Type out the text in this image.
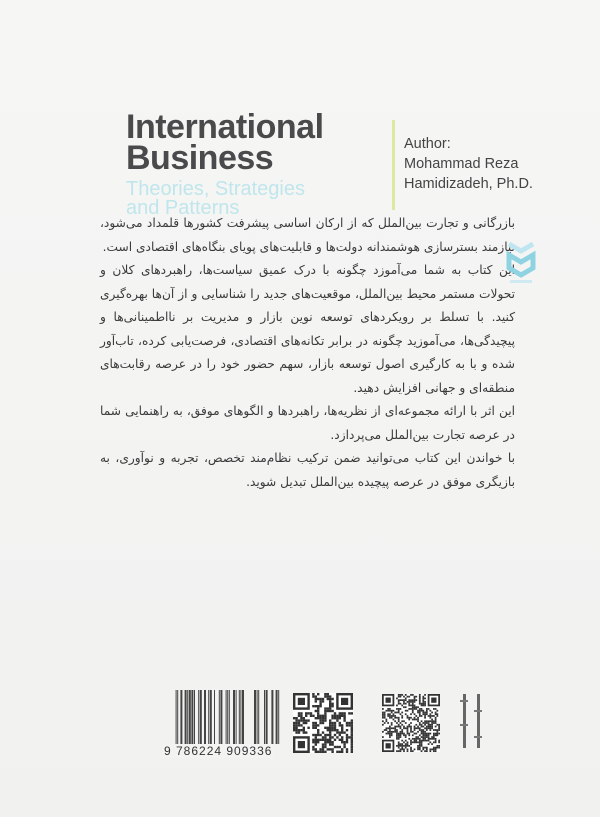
International
Business
Theories, Strategies
and Patterns
Author:
Mohammad Reza
Hamidizadeh, Ph.D.

بازرگانی و تجارت بین‌الملل که از ارکان اساسی پیشرفت کشورها قلمداد می‌شود، نیازمند بسترسازی هوشمندانه دولت‌ها و قابلیت‌های پویای بنگاه‌های اقتصادی است.

این کتاب به شما می‌آموزد چگونه با درک عمیق سیاست‌ها، راهبردهای کلان و تحولات مستمر محیط بین‌الملل، موقعیت‌های جدید را شناسایی و از آن‌ها بهره‌گیری کنید. با تسلط بر رویکردهای توسعه نوین بازار و مدیریت بر نااطمینانی‌ها و پیچیدگی‌ها، می‌آموزید چگونه در برابر تکانه‌های اقتصادی، فرصت‌یابی کرده، تاب‌آور شده و با به کارگیری اصول توسعه بازار، سهم حضور خود را در عرصه رقابت‌های منطقه‌ای و جهانی افزایش دهید.

این اثر با ارائه مجموعه‌ای از نظریه‌ها، راهبردها و الگوهای موفق، به راهنمایی شما در عرصه تجارت بین‌الملل می‌پردازد.

با خواندن این کتاب می‌توانید ضمن ترکیب نظام‌مند تخصص، تجربه و نوآوری، به بازیگری موفق در عرصه پیچیده بین‌الملل تبدیل شوید.

9 786224 909336
